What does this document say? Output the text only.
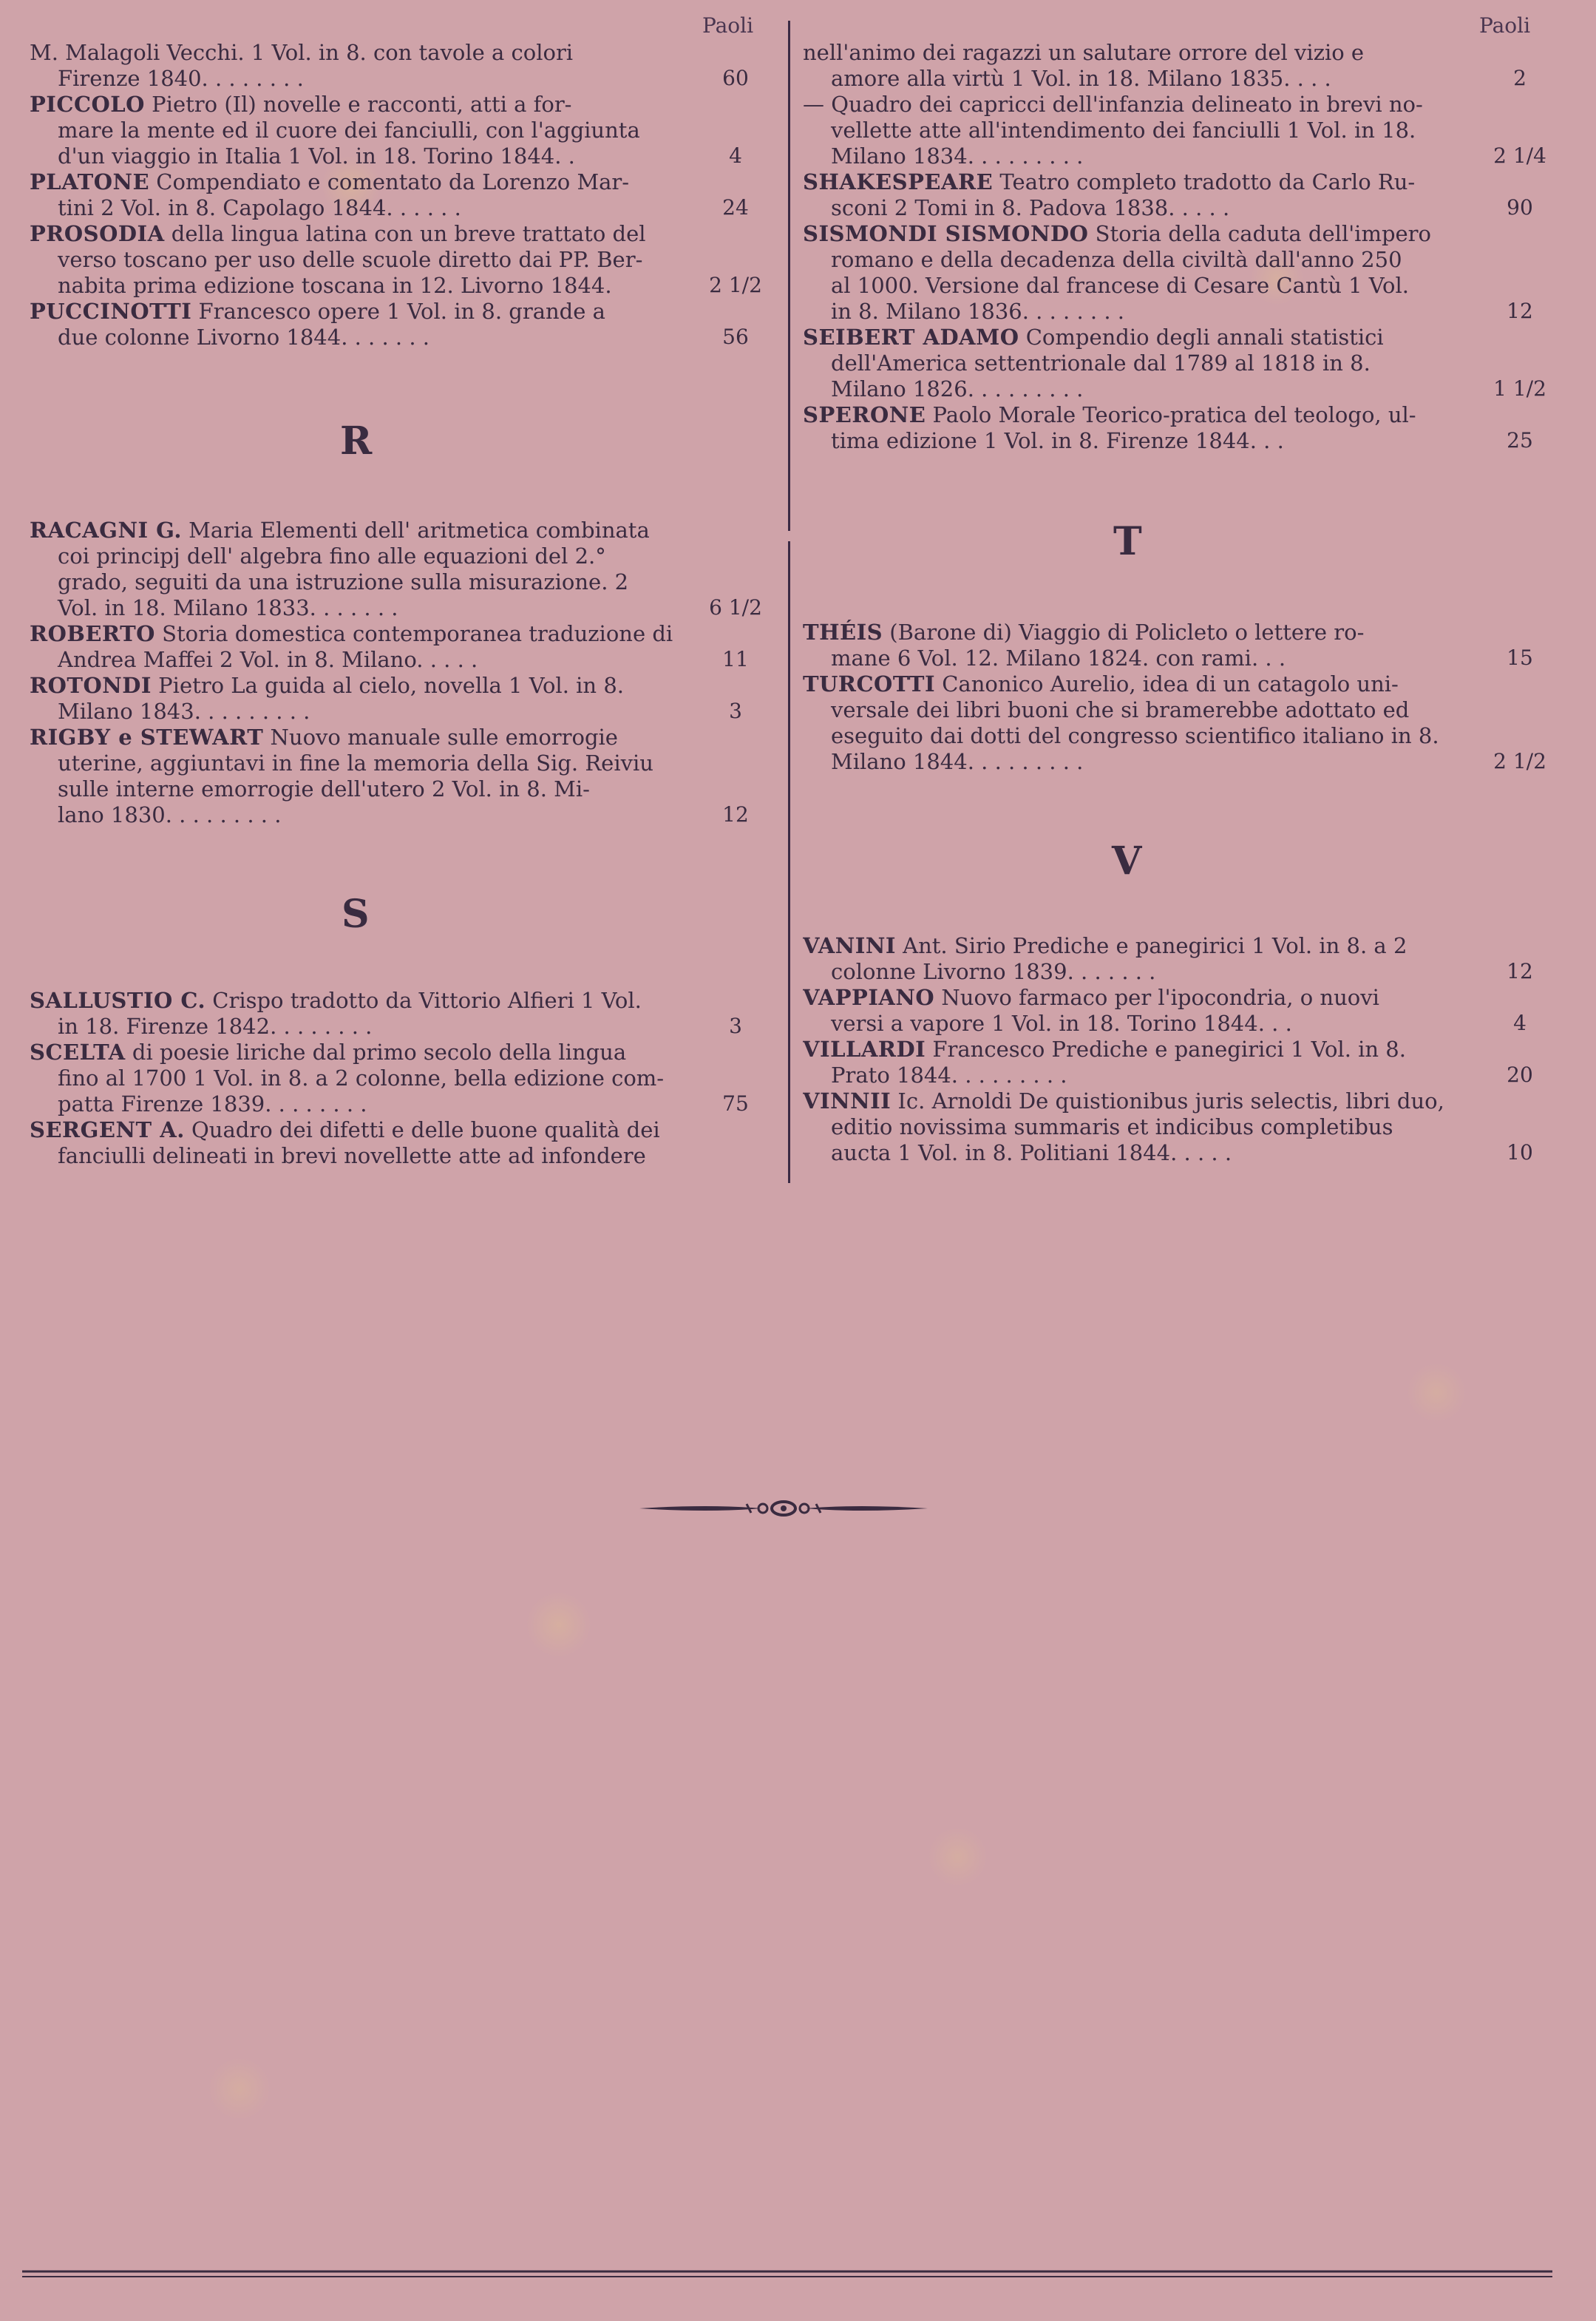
Paoli
M. Malagoli Vecchi. 1 Vol. in 8. con tavole a colori
Firenze 1840. . . . . . . .	60
PICCOLO Pietro (Il) novelle e racconti, atti a for-
mare la mente ed il cuore dei fanciulli, con l'aggiunta
d'un viaggio in Italia 1 Vol. in 18. Torino 1844. .	4
PLATONE Compendiato e comentato da Lorenzo Mar-
tini 2 Vol. in 8. Capolago 1844. . . . . .	24
PROSODIA della lingua latina con un breve trattato del
verso toscano per uso delle scuole diretto dai PP. Ber-
nabita prima edizione toscana in 12. Livorno 1844.	2 1/2
PUCCINOTTI Francesco opere 1 Vol. in 8. grande a
due colonne Livorno 1844. . . . . . .	56
R
RACAGNI G. Maria Elementi dell' aritmetica combinata
coi principj dell' algebra fino alle equazioni del 2.°
grado, seguiti da una istruzione sulla misurazione. 2
Vol. in 18. Milano 1833. . . . . . .	6 1/2
ROBERTO Storia domestica contemporanea traduzione di
Andrea Maffei 2 Vol. in 8. Milano. . . . .	11
ROTONDI Pietro La guida al cielo, novella 1 Vol. in 8.
Milano 1843. . . . . . . . .	3
RIGBY e STEWART Nuovo manuale sulle emorrogie
uterine, aggiuntavi in fine la memoria della Sig. Reiviu
sulle interne emorrogie dell'utero 2 Vol. in 8. Mi-
lano 1830. . . . . . . . .	12
S
SALLUSTIO C. Crispo tradotto da Vittorio Alfieri 1 Vol.
in 18. Firenze 1842. . . . . . . .	3
SCELTA di poesie liriche dal primo secolo della lingua
fino al 1700 1 Vol. in 8. a 2 colonne, bella edizione com-
patta Firenze 1839. . . . . . . .	75
SERGENT A. Quadro dei difetti e delle buone qualità dei
fanciulli delineati in brevi novellette atte ad infondere
Paoli
nell'animo dei ragazzi un salutare orrore del vizio e
amore alla virtù 1 Vol. in 18. Milano 1835. . . .	2
— Quadro dei capricci dell'infanzia delineato in brevi no-
vellette atte all'intendimento dei fanciulli 1 Vol. in 18.
Milano 1834. . . . . . . . .	2 1/4
SHAKESPEARE Teatro completo tradotto da Carlo Ru-
sconi 2 Tomi in 8. Padova 1838. . . . .	90
SISMONDI SISMONDO Storia della caduta dell'impero
romano e della decadenza della civiltà dall'anno 250
al 1000. Versione dal francese di Cesare Cantù 1 Vol.
in 8. Milano 1836. . . . . . . .	12
SEIBERT ADAMO Compendio degli annali statistici
dell'America settentrionale dal 1789 al 1818 in 8.
Milano 1826. . . . . . . . .	1 1/2
SPERONE Paolo Morale Teorico-pratica del teologo, ul-
tima edizione 1 Vol. in 8. Firenze 1844. . .	25
T
THÉIS (Barone di) Viaggio di Policleto o lettere ro-
mane 6 Vol. 12. Milano 1824. con rami. . .	15
TURCOTTI Canonico Aurelio, idea di un catagolo uni-
versale dei libri buoni che si bramerebbe adottato ed
eseguito dai dotti del congresso scientifico italiano in 8.
Milano 1844. . . . . . . . .	2 1/2
V
VANINI Ant. Sirio Prediche e panegirici 1 Vol. in 8. a 2
colonne Livorno 1839. . . . . . .	12
VAPPIANO Nuovo farmaco per l'ipocondria, o nuovi
versi a vapore 1 Vol. in 18. Torino 1844. . .	4
VILLARDI Francesco Prediche e panegirici 1 Vol. in 8.
Prato 1844. . . . . . . . .	20
VINNII Ic. Arnoldi De quistionibus juris selectis, libri duo,
editio novissima summaris et indicibus completibus
aucta 1 Vol. in 8. Politiani 1844. . . . .	10
